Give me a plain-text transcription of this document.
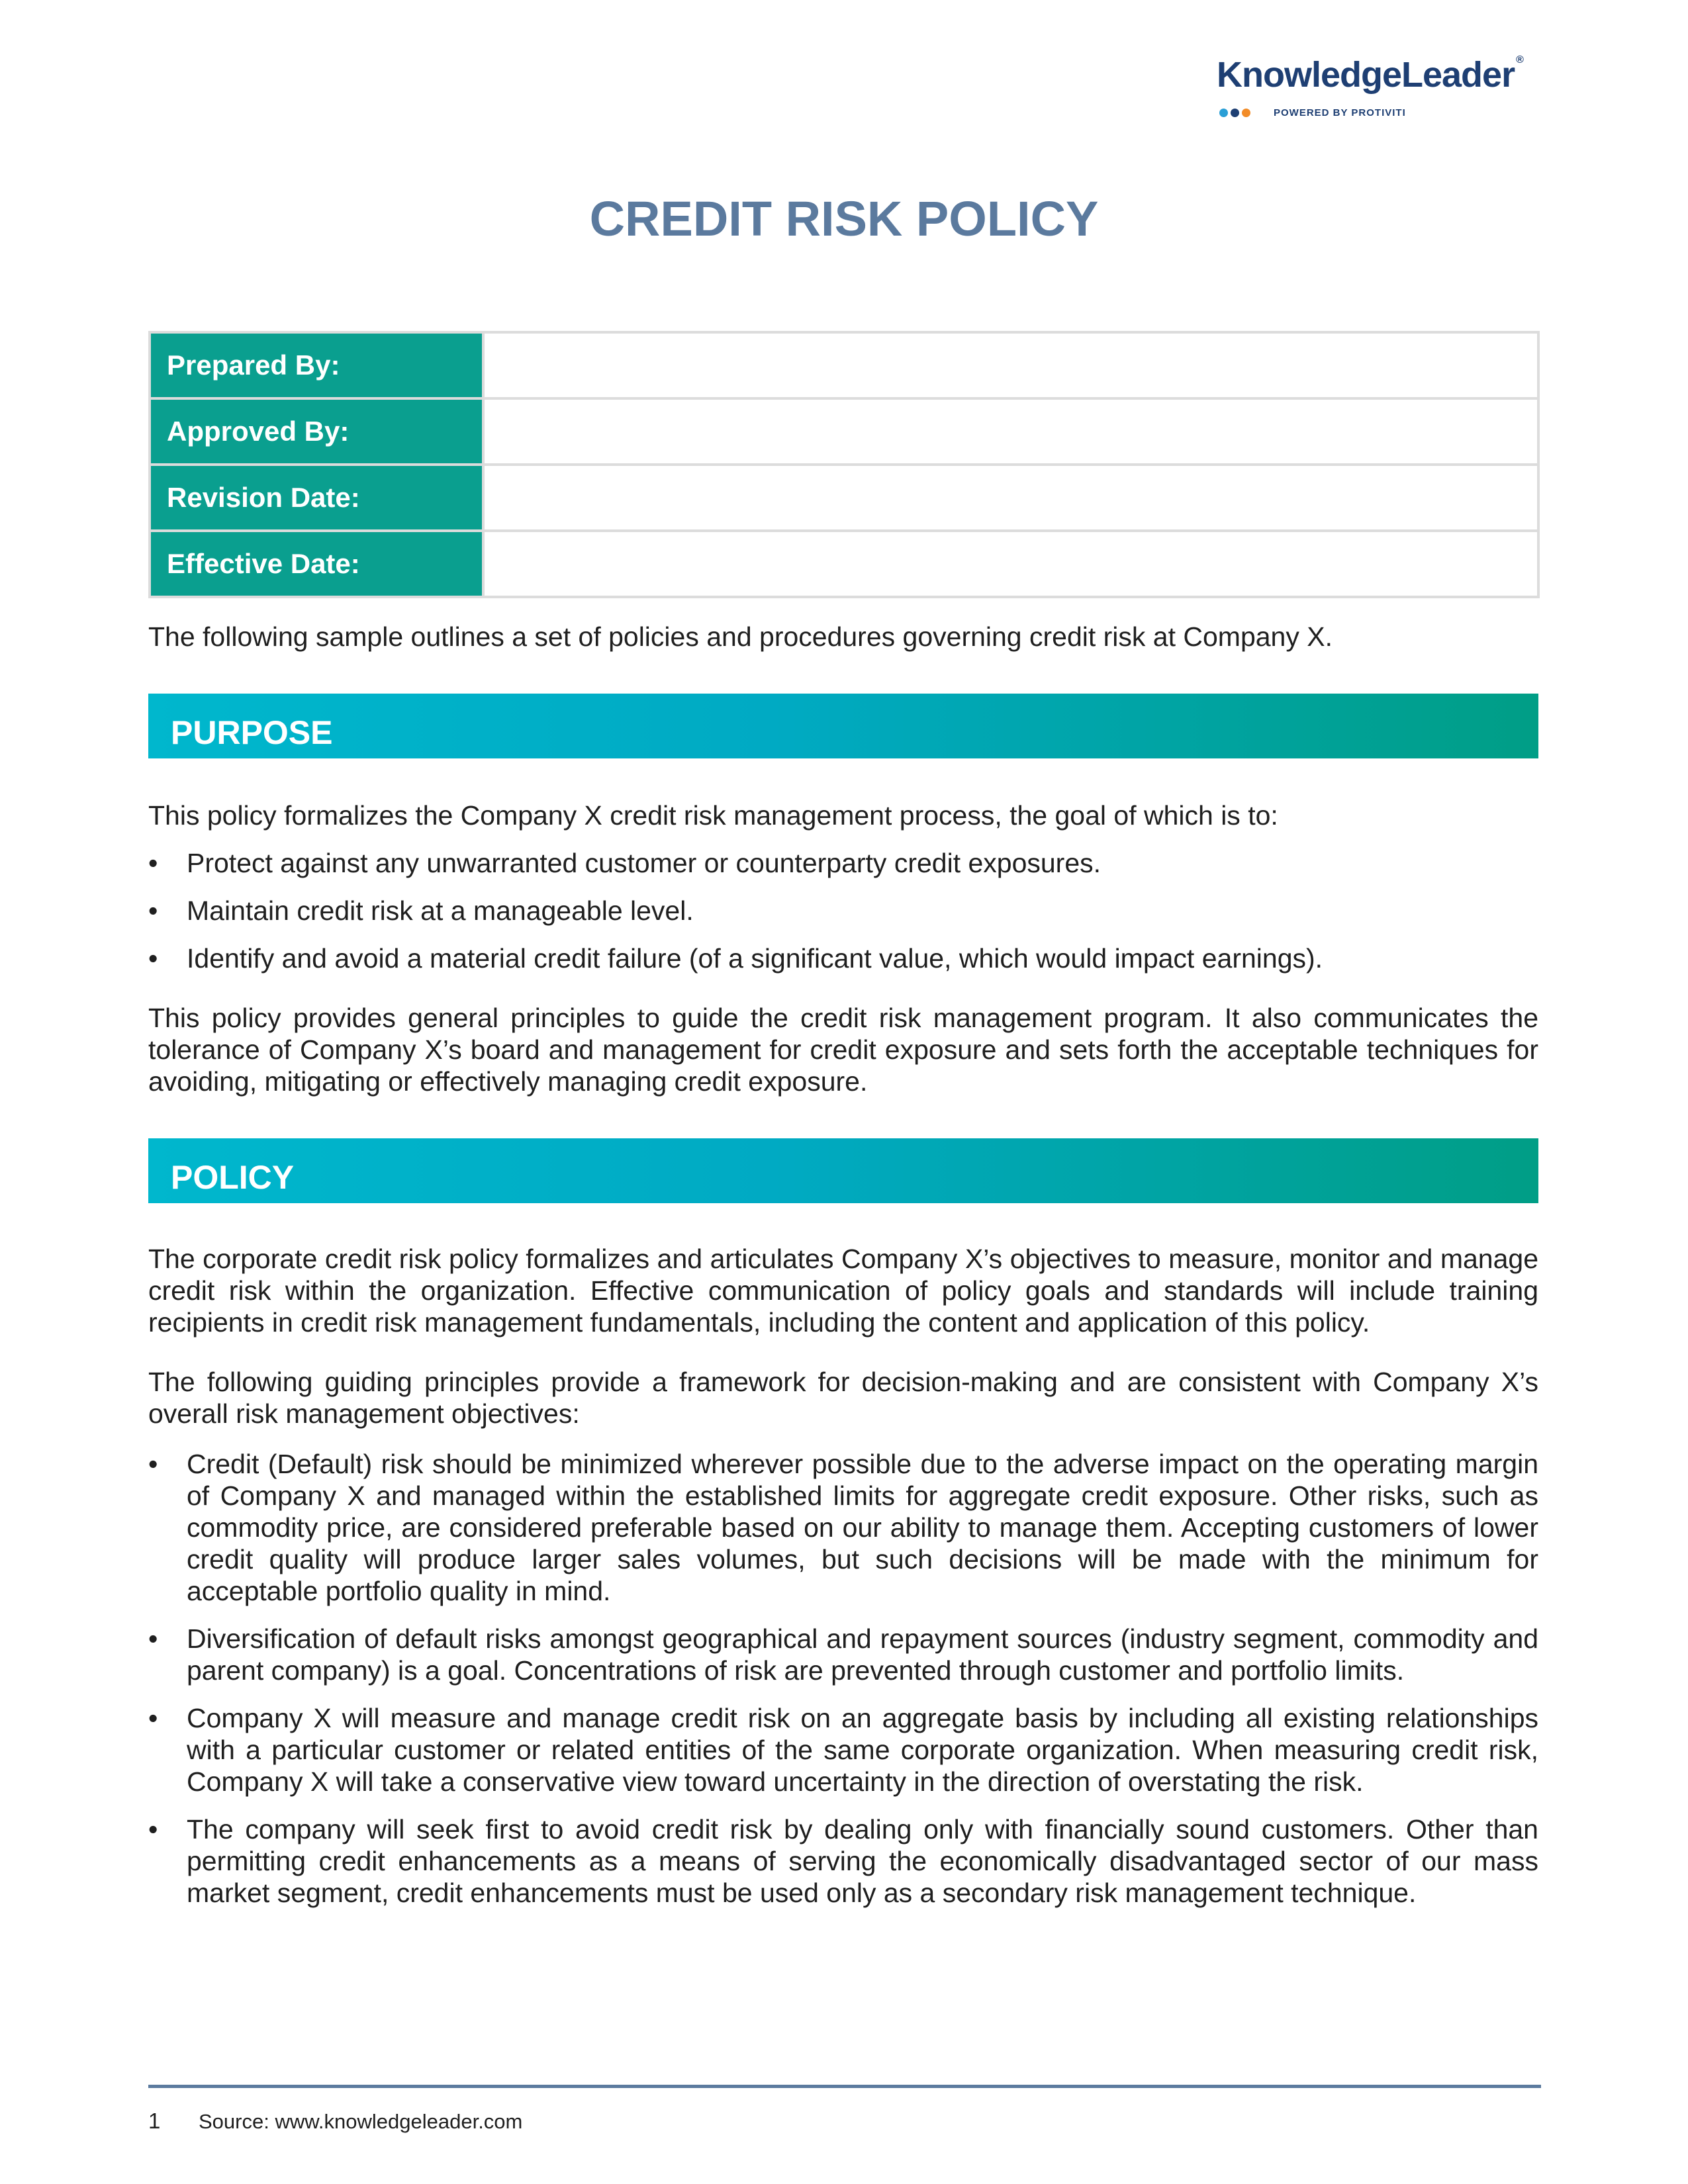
KnowledgeLeader ®
POWERED BY PROTIVITI
CREDIT RISK POLICY
Prepared By:	
Approved By:	
Revision Date:	
Effective Date:	

The following sample outlines a set of policies and procedures governing credit risk at Company X.

PURPOSE

This policy formalizes the Company X credit risk management process, the goal of which is to:

• Protect against any unwarranted customer or counterparty credit exposures.
• Maintain credit risk at a manageable level.
• Identify and avoid a material credit failure (of a significant value, which would impact earnings).

This policy provides general principles to guide the credit risk management program. It also communicates the tolerance of Company X’s board and management for credit exposure and sets forth the acceptable techniques for avoiding, mitigating or effectively managing credit exposure.

POLICY

The corporate credit risk policy formalizes and articulates Company X’s objectives to measure, monitor and manage credit risk within the organization. Effective communication of policy goals and standards will include training recipients in credit risk management fundamentals, including the content and application of this policy.

The following guiding principles provide a framework for decision-making and are consistent with Company X’s overall risk management objectives:

• Credit (Default) risk should be minimized wherever possible due to the adverse impact on the operating margin of Company X and managed within the established limits for aggregate credit exposure. Other risks, such as commodity price, are considered preferable based on our ability to manage them. Accepting customers of lower credit quality will produce larger sales volumes, but such decisions will be made with the minimum for acceptable portfolio quality in mind.
• Diversification of default risks amongst geographical and repayment sources (industry segment, commodity and parent company) is a goal. Concentrations of risk are prevented through customer and portfolio limits.
• Company X will measure and manage credit risk on an aggregate basis by including all existing relationships with a particular customer or related entities of the same corporate organization. When measuring credit risk, Company X will take a conservative view toward uncertainty in the direction of overstating the risk.
• The company will seek first to avoid credit risk by dealing only with financially sound customers. Other than permitting credit enhancements as a means of serving the economically disadvantaged sector of our mass market segment, credit enhancements must be used only as a secondary risk management technique.
1 Source: www.knowledgeleader.com
